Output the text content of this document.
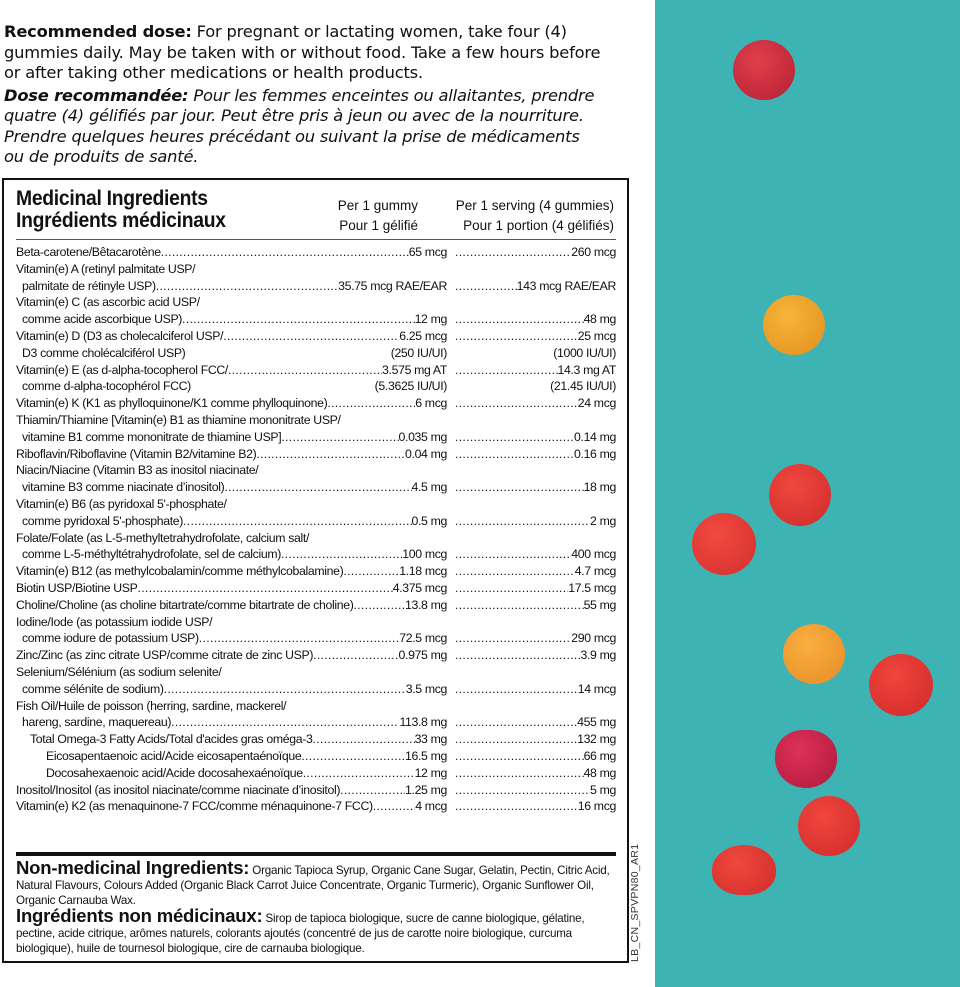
Recommended dose: For pregnant or lactating women, take four (4) gummies daily. May be taken with or without food. Take a few hours before or after taking other medications or health products.

Dose recommandée: Pour les femmes enceintes ou allaitantes, prendre quatre (4) gélifiés par jour. Peut être pris à jeun ou avec de la nourriture. Prendre quelques heures précédant ou suivant la prise de médicaments ou de produits de santé.

Medicinal Ingredients
Ingrédients médicinaux
Per 1 gummy
Pour 1 gélifié
Per 1 serving (4 gummies)
Pour 1 portion (4 gélifiés)
Beta-carotene/Bêtacarotène .....	65 mcg .....	260 mcg
Vitamin(e) A (retinyl palmitate USP/
palmitate de rétinyle USP) .....	35.75 mcg RAE/EAR .....	143 mcg RAE/EAR
Vitamin(e) C (as ascorbic acid USP/
comme acide ascorbique USP) .....	12 mg .....	48 mg
Vitamin(e) D (D3 as cholecalciferol USP/ .....	6.25 mcg .....	25 mcg
D3 comme cholécalciférol USP)	(250 IU/UI)	(1000 IU/UI)
Vitamin(e) E (as d-alpha-tocopherol FCC/ .....	3.575 mg AT .....	14.3 mg AT
comme d-alpha-tocophérol FCC)	(5.3625 IU/UI)	(21.45 IU/UI)
Vitamin(e) K (K1 as phylloquinone/K1 comme phylloquinone) .....	6 mcg .....	24 mcg
Thiamin/Thiamine [Vitamin(e) B1 as thiamine mononitrate USP/
vitamine B1 comme mononitrate de thiamine USP] .....	0.035 mg .....	0.14 mg
Riboflavin/Riboflavine (Vitamin B2/vitamine B2) .....	0.04 mg .....	0.16 mg
Niacin/Niacine (Vitamin B3 as inositol niacinate/
vitamine B3 comme niacinate d’inositol) .....	4.5 mg .....	18 mg
Vitamin(e) B6 (as pyridoxal 5'-phosphate/
comme pyridoxal 5'-phosphate) .....	0.5 mg .....	2 mg
Folate/Folate (as L-5-methyltetrahydrofolate, calcium salt/
comme L-5-méthyltétrahydrofolate, sel de calcium) .....	100 mcg .....	400 mcg
Vitamin(e) B12 (as methylcobalamin/comme méthylcobalamine) .....	1.18 mcg .....	4.7 mcg
Biotin USP/Biotine USP .....	4.375 mcg .....	17.5 mcg
Choline/Choline (as choline bitartrate/comme bitartrate de choline) .....	13.8 mg .....	55 mg
Iodine/Iode (as potassium iodide USP/
comme iodure de potassium USP) .....	72.5 mcg .....	290 mcg
Zinc/Zinc (as zinc citrate USP/comme citrate de zinc USP) .....	0.975 mg .....	3.9 mg
Selenium/Sélénium (as sodium selenite/
comme sélénite de sodium) .....	3.5 mcg .....	14 mcg
Fish Oil/Huile de poisson (herring, sardine, mackerel/
hareng, sardine, maquereau) .....	113.8 mg .....	455 mg
Total Omega-3 Fatty Acids/Total d'acides gras oméga-3 .....	33 mg .....	132 mg
Eicosapentaenoic acid/Acide eicosapentaénoïque .....	16.5 mg .....	66 mg
Docosahexaenoic acid/Acide docosahexaénoïque .....	12 mg .....	48 mg
Inositol/Inositol (as inositol niacinate/comme niacinate d’inositol) .....	1.25 mg .....	5 mg
Vitamin(e) K2 (as menaquinone-7 FCC/comme ménaquinone-7 FCC) .....	4 mcg .....	16 mcg
Non-medicinal Ingredients: Organic Tapioca Syrup, Organic Cane Sugar, Gelatin, Pectin, Citric Acid, Natural Flavours, Colours Added (Organic Black Carrot Juice Concentrate, Organic Turmeric), Organic Sunflower Oil, Organic Carnauba Wax.
Ingrédients non médicinaux: Sirop de tapioca biologique, sucre de canne biologique, gélatine, pectine, acide citrique, arômes naturels, colorants ajoutés (concentré de jus de carotte noire biologique, curcuma biologique), huile de tournesol biologique, cire de carnauba biologique.	LB_CN_SPVPN80_AR1
